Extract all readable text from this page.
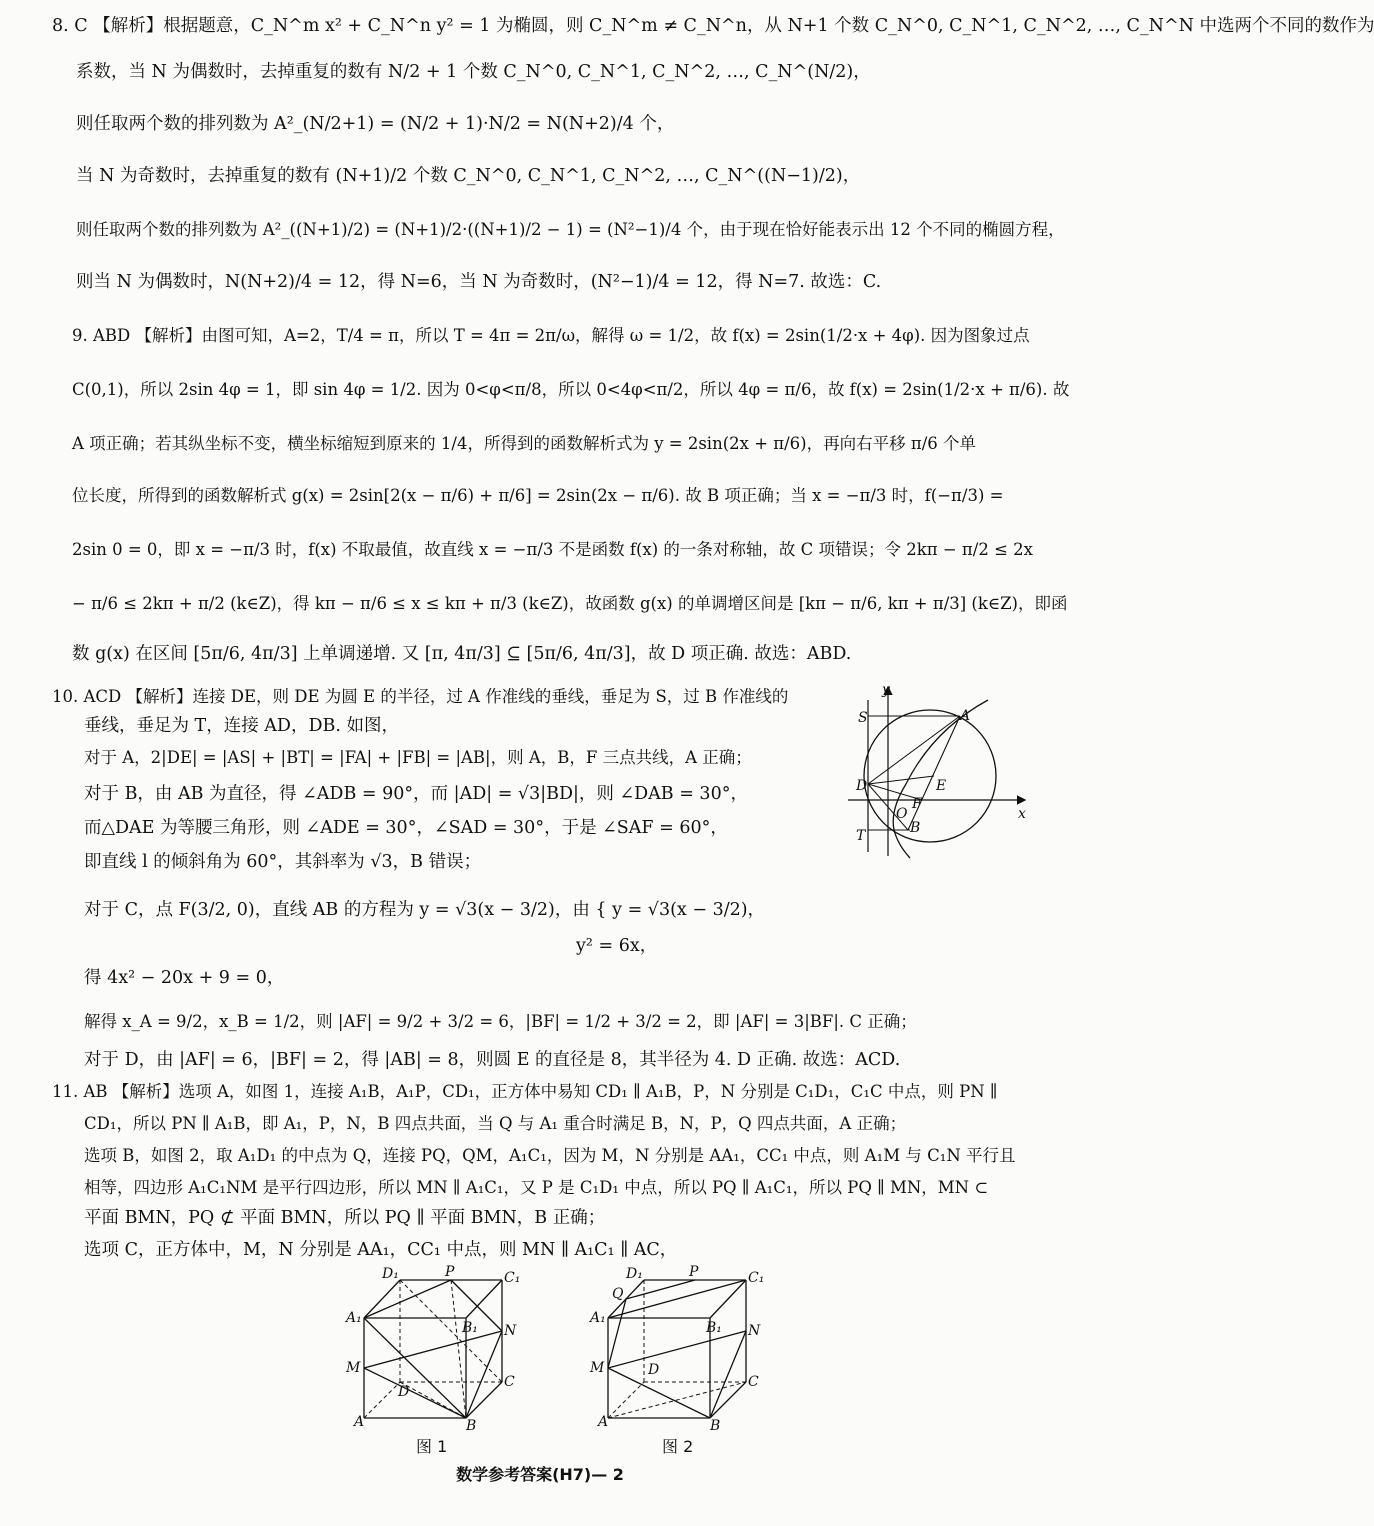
8. C 【解析】根据题意，C_N^m x² + C_N^n y² = 1 为椭圆，则 C_N^m ≠ C_N^n，从 N+1 个数 C_N^0, C_N^1, C_N^2, …, C_N^N 中选两个不同的数作为
系数，当 N 为偶数时，去掉重复的数有 N/2 + 1 个数 C_N^0, C_N^1, C_N^2, …, C_N^(N/2)，
则任取两个数的排列数为 A²_(N/2+1) = (N/2 + 1)·N/2 = N(N+2)/4 个，
当 N 为奇数时，去掉重复的数有 (N+1)/2 个数 C_N^0, C_N^1, C_N^2, …, C_N^((N−1)/2)，
则任取两个数的排列数为 A²_((N+1)/2) = (N+1)/2·((N+1)/2 − 1) = (N²−1)/4 个，由于现在恰好能表示出 12 个不同的椭圆方程，
则当 N 为偶数时，N(N+2)/4 = 12，得 N=6，当 N 为奇数时，(N²−1)/4 = 12，得 N=7. 故选：C.
9. ABD 【解析】由图可知，A=2，T/4 = π，所以 T = 4π = 2π/ω，解得 ω = 1/2，故 f(x) = 2sin(1/2·x + 4φ). 因为图象过点
C(0,1)，所以 2sin 4φ = 1，即 sin 4φ = 1/2. 因为 0<φ<π/8，所以 0<4φ<π/2，所以 4φ = π/6，故 f(x) = 2sin(1/2·x + π/6). 故
A 项正确；若其纵坐标不变，横坐标缩短到原来的 1/4，所得到的函数解析式为 y = 2sin(2x + π/6)，再向右平移 π/6 个单
位长度，所得到的函数解析式 g(x) = 2sin[2(x − π/6) + π/6] = 2sin(2x − π/6). 故 B 项正确；当 x = −π/3 时，f(−π/3) =
2sin 0 = 0，即 x = −π/3 时，f(x) 不取最值，故直线 x = −π/3 不是函数 f(x) 的一条对称轴，故 C 项错误；令 2kπ − π/2 ≤ 2x
− π/6 ≤ 2kπ + π/2 (k∈Z)，得 kπ − π/6 ≤ x ≤ kπ + π/3 (k∈Z)，故函数 g(x) 的单调增区间是 [kπ − π/6, kπ + π/3] (k∈Z)，即函
数 g(x) 在区间 [5π/6, 4π/3] 上单调递增. 又 [π, 4π/3] ⊆ [5π/6, 4π/3]，故 D 项正确. 故选：ABD.
10. ACD 【解析】连接 DE，则 DE 为圆 E 的半径，过 A 作准线的垂线，垂足为 S，过 B 作准线的
垂线，垂足为 T，连接 AD，DB. 如图，
对于 A，2|DE| = |AS| + |BT| = |FA| + |FB| = |AB|，则 A，B，F 三点共线，A 正确；
对于 B，由 AB 为直径，得 ∠ADB = 90°，而 |AD| = √3|BD|，则 ∠DAB = 30°，
而△DAE 为等腰三角形，则 ∠ADE = 30°，∠SAD = 30°，于是 ∠SAF = 60°，
即直线 l 的倾斜角为 60°，其斜率为 √3，B 错误；
对于 C，点 F(3/2, 0)，直线 AB 的方程为 y = √3(x − 3/2)，由 { y = √3(x − 3/2)，
y² = 6x，
得 4x² − 20x + 9 = 0，
解得 x_A = 9/2，x_B = 1/2，则 |AF| = 9/2 + 3/2 = 6，|BF| = 1/2 + 3/2 = 2，即 |AF| = 3|BF|. C 正确；
对于 D，由 |AF| = 6，|BF| = 2，得 |AB| = 8，则圆 E 的直径是 8，其半径为 4. D 正确. 故选：ACD.
y
S	A
D	E
F
O
B
T
x
11. AB 【解析】选项 A，如图 1，连接 A₁B，A₁P，CD₁，正方体中易知 CD₁ ∥ A₁B，P，N 分别是 C₁D₁，C₁C 中点，则 PN ∥
CD₁，所以 PN ∥ A₁B，即 A₁，P，N，B 四点共面，当 Q 与 A₁ 重合时满足 B，N，P，Q 四点共面，A 正确；
选项 B，如图 2，取 A₁D₁ 的中点为 Q，连接 PQ，QM，A₁C₁，因为 M，N 分别是 AA₁，CC₁ 中点，则 A₁M 与 C₁N 平行且
相等，四边形 A₁C₁NM 是平行四边形，所以 MN ∥ A₁C₁，又 P 是 C₁D₁ 中点，所以 PQ ∥ A₁C₁，所以 PQ ∥ MN，MN ⊂
平面 BMN，PQ ⊄ 平面 BMN，所以 PQ ∥ 平面 BMN，B 正确；
选项 C，正方体中，M，N 分别是 AA₁，CC₁ 中点，则 MN ∥ A₁C₁ ∥ AC，
D₁	P	C₁
A₁
B₁ N
M
D
C
A	B
图 1
D₁	P	C₁
Q
A₁
B₁ N
M	D
C
A	B
图 2
数学参考答案(H7)— 2
